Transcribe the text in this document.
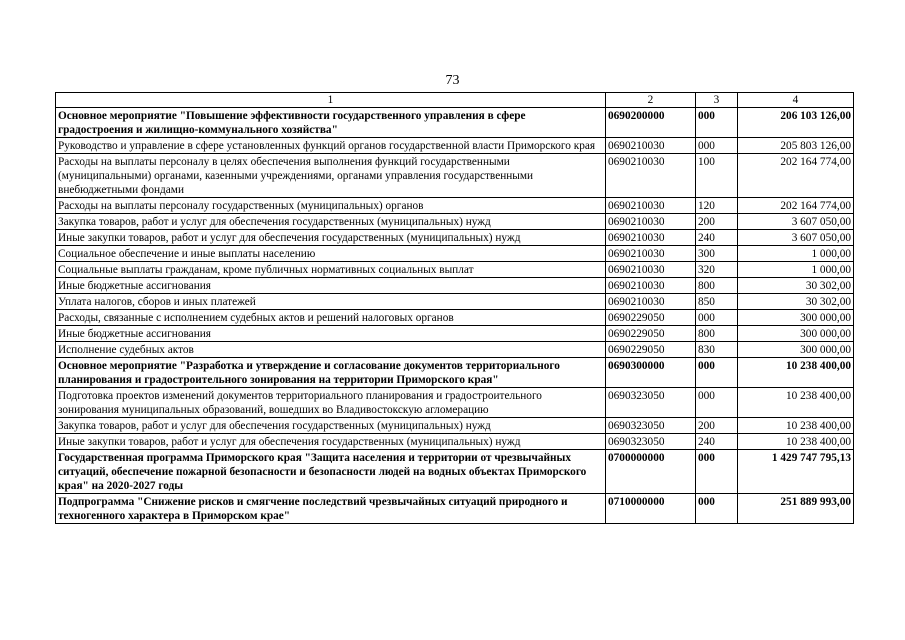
73
1	2	3	4
Основное мероприятие "Повышение эффективности государственного управления в сфере градостроения и жилищно-коммунального хозяйства"	0690200000	000	206 103 126,00
Руководство и управление в сфере установленных функций органов государственной власти Приморского края	0690210030	000	205 803 126,00
Расходы на выплаты персоналу в целях обеспечения выполнения функций государственными (муниципальными) органами, казенными учреждениями, органами управления государственными внебюджетными фондами	0690210030	100	202 164 774,00
Расходы на выплаты персоналу государственных (муниципальных) органов	0690210030	120	202 164 774,00
Закупка товаров, работ и услуг для обеспечения государственных (муниципальных) нужд	0690210030	200	3 607 050,00
Иные закупки товаров, работ и услуг для обеспечения государственных (муниципальных) нужд	0690210030	240	3 607 050,00
Социальное обеспечение и иные выплаты населению	0690210030	300	1 000,00
Социальные выплаты гражданам, кроме публичных нормативных социальных выплат	0690210030	320	1 000,00
Иные бюджетные ассигнования	0690210030	800	30 302,00
Уплата налогов, сборов и иных платежей	0690210030	850	30 302,00
Расходы, связанные с исполнением судебных актов и решений налоговых органов	0690229050	000	300 000,00
Иные бюджетные ассигнования	0690229050	800	300 000,00
Исполнение судебных актов	0690229050	830	300 000,00
Основное мероприятие "Разработка и утверждение и согласование документов территориального планирования и градостроительного зонирования на территории Приморского края"	0690300000	000	10 238 400,00
Подготовка проектов изменений документов территориального планирования и градостроительного зонирования муниципальных образований, вошедших во Владивостокскую агломерацию	0690323050	000	10 238 400,00
Закупка товаров, работ и услуг для обеспечения государственных (муниципальных) нужд	0690323050	200	10 238 400,00
Иные закупки товаров, работ и услуг для обеспечения государственных (муниципальных) нужд	0690323050	240	10 238 400,00
Государственная программа Приморского края "Защита населения и территории от чрезвычайных ситуаций, обеспечение пожарной безопасности и безопасности людей на водных объектах Приморского края" на 2020-2027 годы	0700000000	000	1 429 747 795,13
Подпрограмма "Снижение рисков и смягчение последствий чрезвычайных ситуаций природного и техногенного характера в Приморском крае"	0710000000	000	251 889 993,00
